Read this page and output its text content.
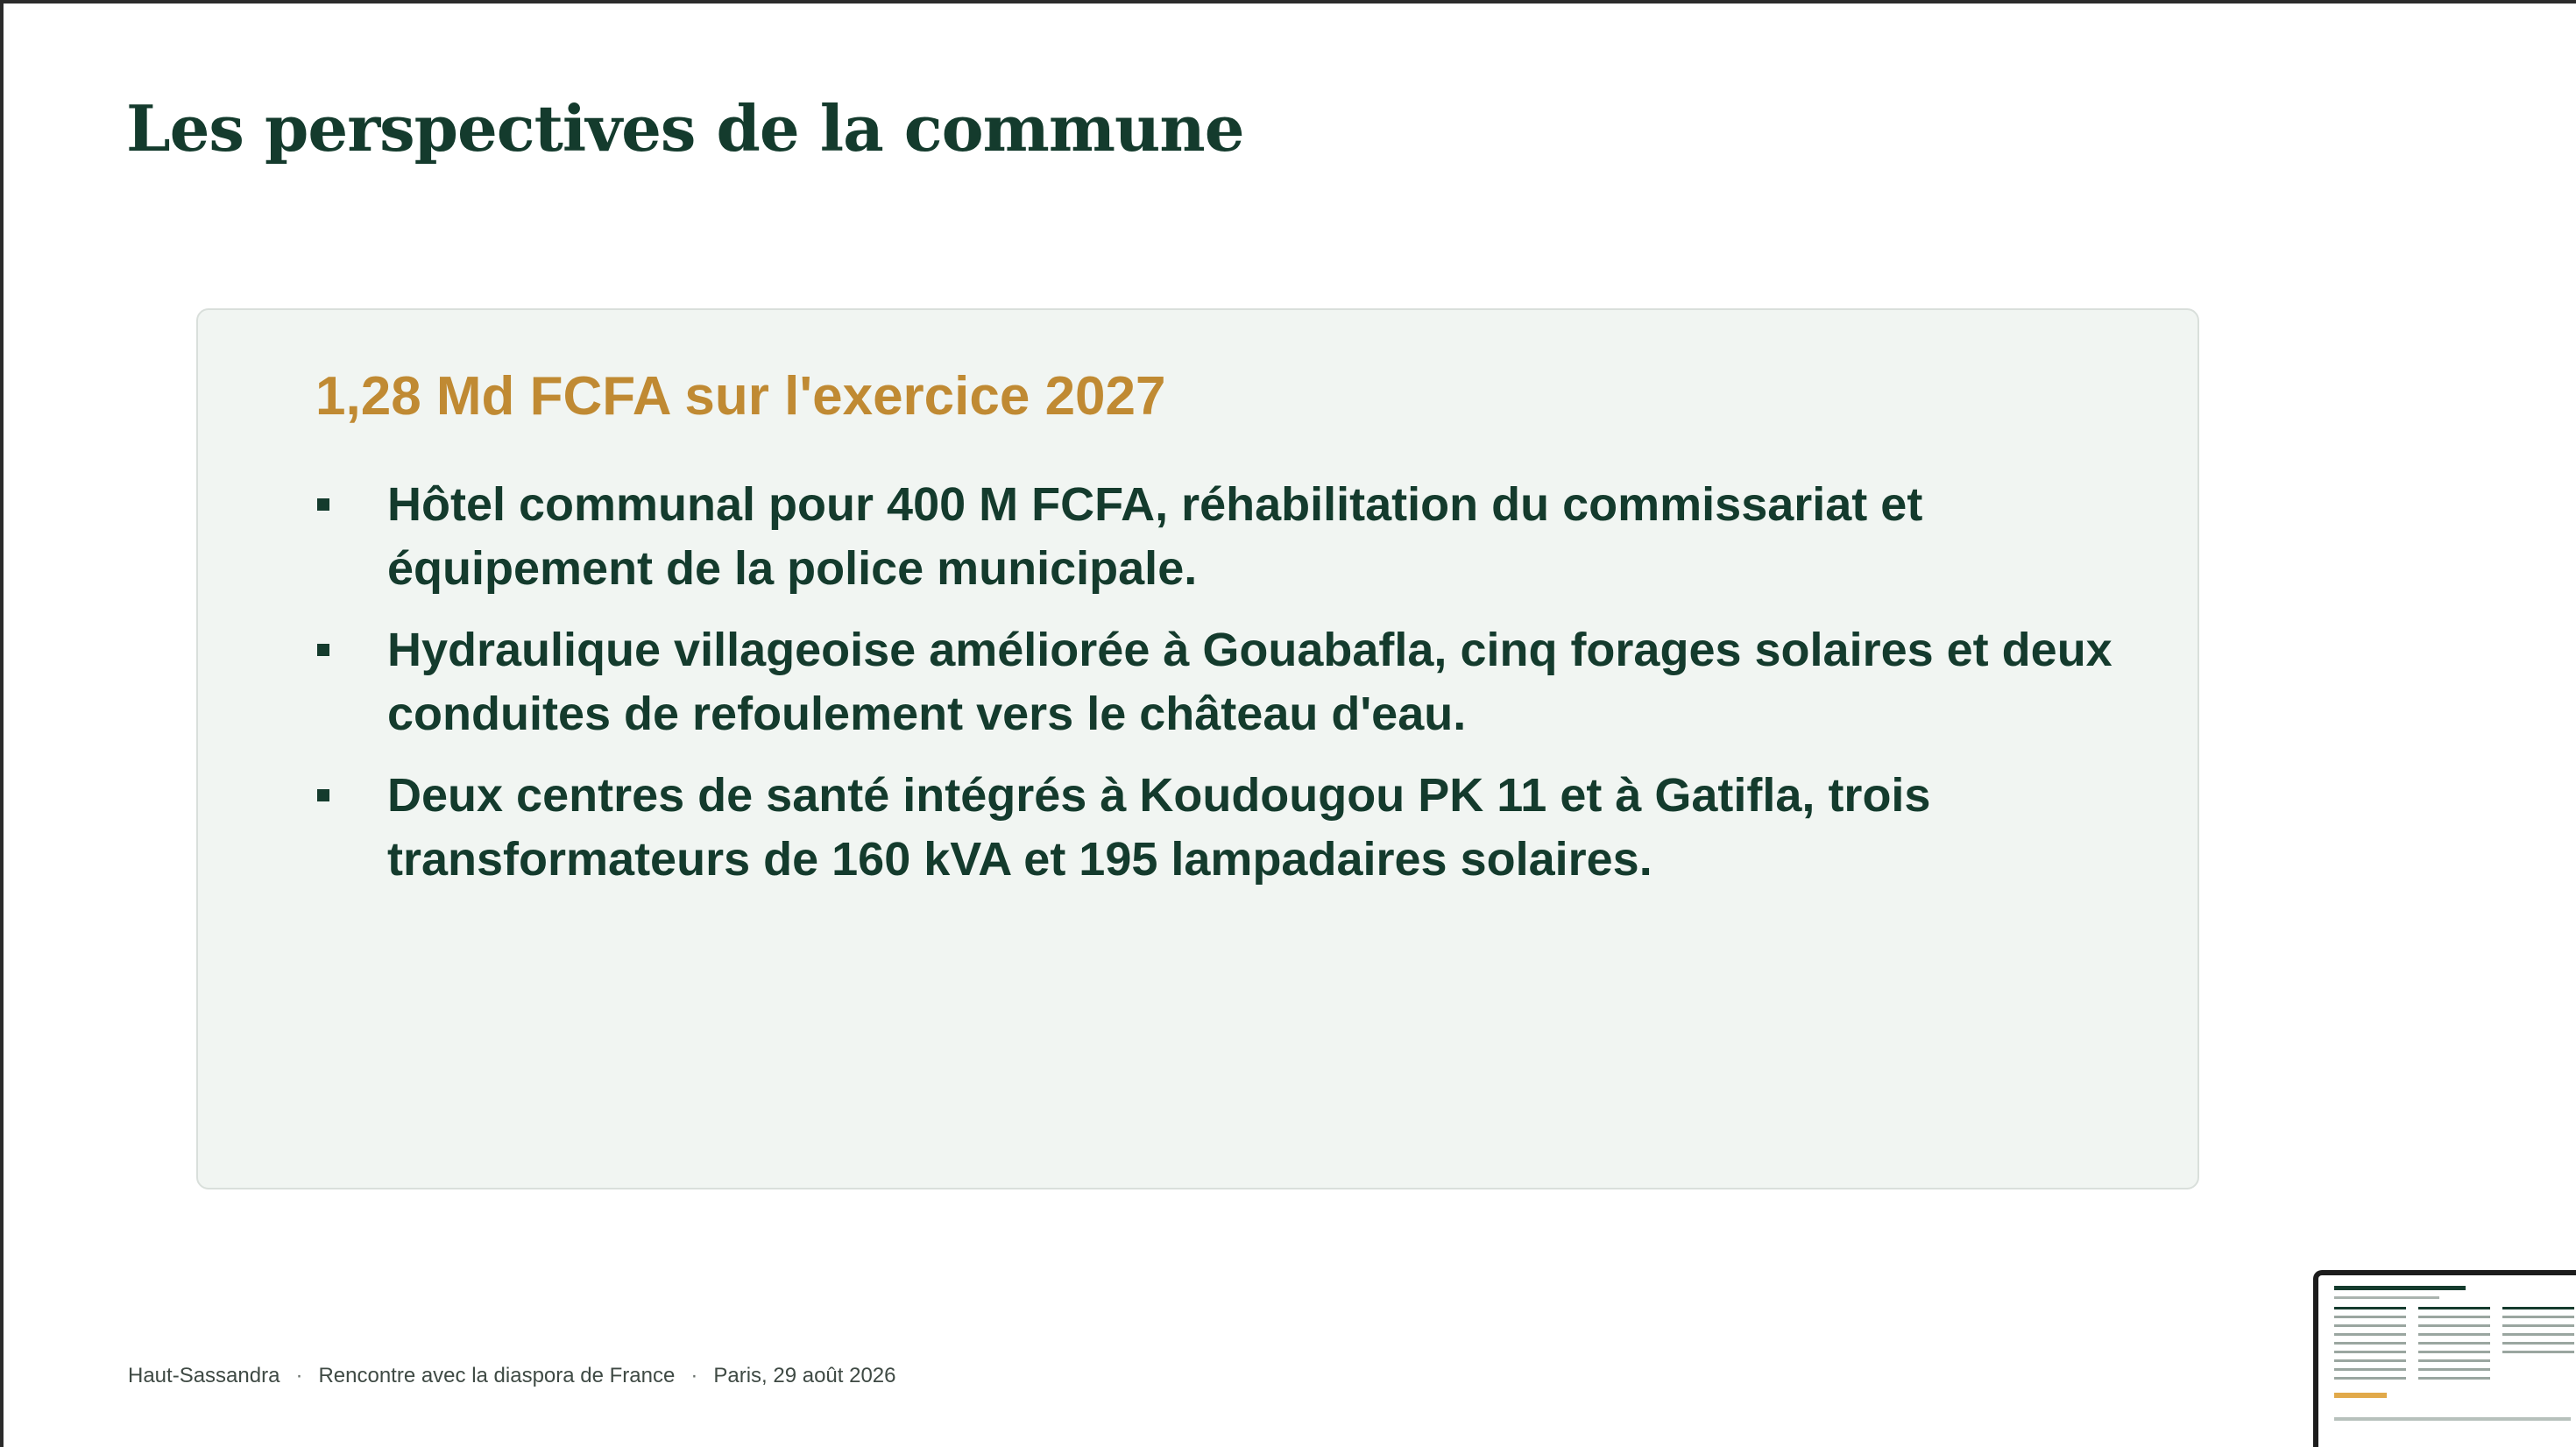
Les perspectives de la commune
1,28 Md FCFA sur l'exercice 2027
Hôtel communal pour 400 M FCFA, réhabilitation du commissariat et équipement de la police municipale.
Hydraulique villageoise améliorée à Gouabafla, cinq forages solaires et deux conduites de refoulement vers le château d'eau.
Deux centres de santé intégrés à Koudougou PK 11 et à Gatifla, trois transformateurs de 160 kVA et 195 lampadaires solaires.
Haut-Sassandra · Rencontre avec la diaspora de France · Paris, 29 août 2026
